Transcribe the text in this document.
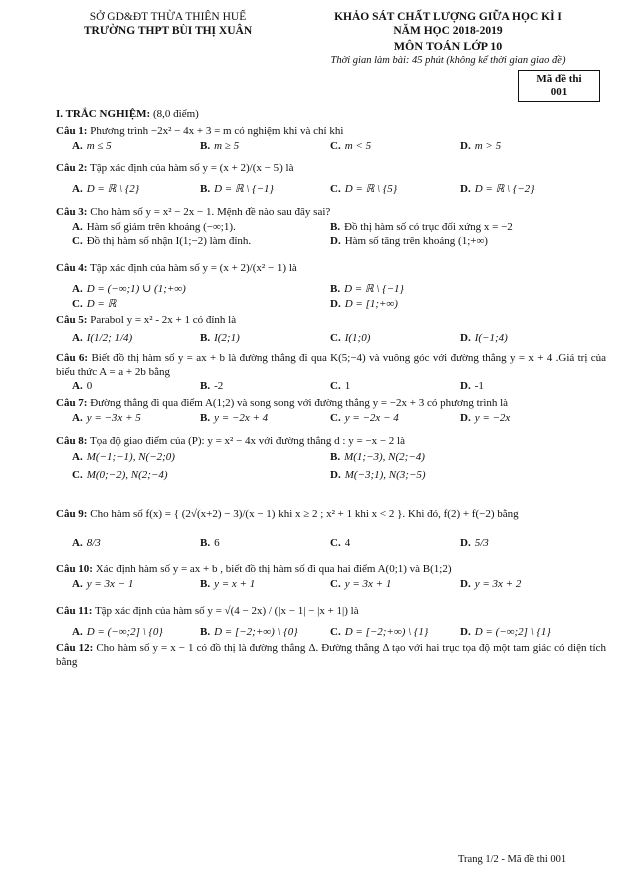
SỞ GD&ĐT THỪA THIÊN HUẾ
TRƯỜNG THPT BÙI THỊ XUÂN
KHẢO SÁT CHẤT LƯỢNG GIỮA HỌC KÌ I
NĂM HỌC 2018-2019
MÔN TOÁN LỚP 10
Thời gian làm bài: 45 phút (không kể thời gian giao đề)
Mã đề thi
001
I. TRẮC NGHIỆM: (8,0 điểm)
Câu 1: Phương trình −2x² − 4x + 3 = m có nghiệm khi và chỉ khi
A. m ≤ 5	B. m ≥ 5	C. m < 5	D. m > 5
Câu 2: Tập xác định của hàm số y = (x + 2)/(x − 5) là
A. D = ℝ \ {2}	B. D = ℝ \ {−1}	C. D = ℝ \ {5}	D. D = ℝ \ {−2}
Câu 3: Cho hàm số y = x² − 2x − 1. Mệnh đề nào sau đây sai?
A. Hàm số giảm trên khoảng (−∞;1).	B. Đồ thị hàm số có trục đối xứng x = −2
C. Đồ thị hàm số nhận I(1;−2) làm đỉnh.	D. Hàm số tăng trên khoảng (1;+∞)
Câu 4: Tập xác định của hàm số y = (x + 2)/(x² − 1) là
A. D = (−∞;1) ∪ (1;+∞)	B. D = ℝ \ {−1}
C. D = ℝ	D. D = [1;+∞)
Câu 5: Parabol y = x² - 2x + 1 có đỉnh là
A. I(1/2; 1/4)	B. I(2;1)	C. I(1;0)	D. I(−1;4)
Câu 6: Biết đồ thị hàm số y = ax + b là đường thẳng đi qua K(5;−4) và vuông góc với đường thẳng y = x + 4 .Giá trị của biểu thức A = a + 2b bằng
A. 0	B. -2	C. 1	D. -1
Câu 7: Đường thẳng đi qua điểm A(1;2) và song song với đường thẳng y = −2x + 3 có phương trình là
A. y = −3x + 5	B. y = −2x + 4	C. y = −2x − 4	D. y = −2x
Câu 8: Tọa độ giao điểm của (P): y = x² − 4x với đường thẳng d : y = −x − 2 là
A. M(−1;−1), N(−2;0)	B. M(1;−3), N(2;−4)
C. M(0;−2), N(2;−4)	D. M(−3;1), N(3;−5)
Câu 9: Cho hàm số f(x) = { (2√(x+2) − 3)/(x − 1) khi x ≥ 2 ; x² + 1 khi x < 2 }. Khi đó, f(2) + f(−2) bằng
A. 8/3	B. 6	C. 4	D. 5/3
Câu 10: Xác định hàm số y = ax + b , biết đồ thị hàm số đi qua hai điểm A(0;1) và B(1;2)
A. y = 3x − 1	B. y = x + 1	C. y = 3x + 1	D. y = 3x + 2
Câu 11: Tập xác định của hàm số y = √(4 − 2x) / (|x − 1| − |x + 1|) là
A. D = (−∞;2] \ {0}	B. D = [−2;+∞) \ {0}	C. D = [−2;+∞) \ {1}	D. D = (−∞;2] \ {1}
Câu 12: Cho hàm số y = x − 1 có đồ thị là đường thẳng Δ. Đường thẳng Δ tạo với hai trục tọa độ một tam giác có diện tích bằng
Trang 1/2 - Mã đề thi 001
